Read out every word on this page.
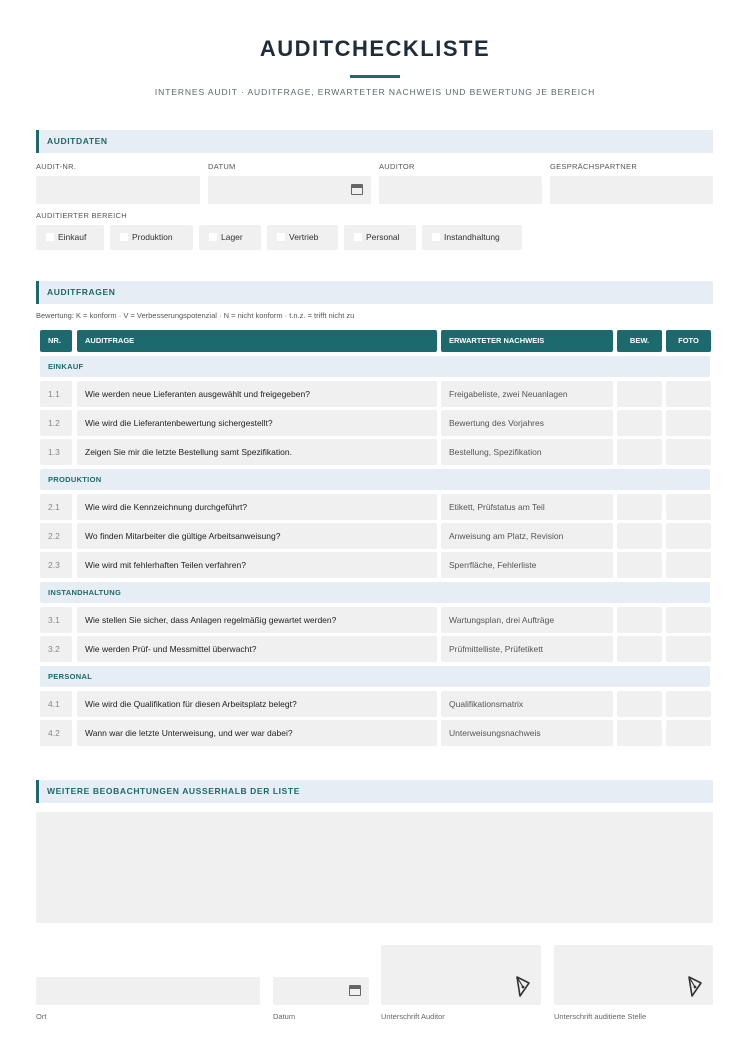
AUDITCHECKLISTE
INTERNES AUDIT · AUDITFRAGE, ERWARTETER NACHWEIS UND BEWERTUNG JE BEREICH
AUDITDATEN
AUDIT-NR.	DATUM	AUDITOR	GESPRÄCHSPARTNER
AUDITIERTER BEREICH
Einkauf	Produktion	Lager	Vertrieb	Personal	Instandhaltung
AUDITFRAGEN
Bewertung: K = konform · V = Verbesserungspotenzial · N = nicht konform · t.n.z. = trifft nicht zu
NR.	AUDITFRAGE	ERWARTETER NACHWEIS	BEW.	FOTO
EINKAUF
1.1	Wie werden neue Lieferanten ausgewählt und freigegeben?	Freigabeliste, zwei Neuanlagen
1.2	Wie wird die Lieferantenbewertung sichergestellt?	Bewertung des Vorjahres
1.3	Zeigen Sie mir die letzte Bestellung samt Spezifikation.	Bestellung, Spezifikation
PRODUKTION
2.1	Wie wird die Kennzeichnung durchgeführt?	Etikett, Prüfstatus am Teil
2.2	Wo finden Mitarbeiter die gültige Arbeitsanweisung?	Anweisung am Platz, Revision
2.3	Wie wird mit fehlerhaften Teilen verfahren?	Sperrfläche, Fehlerliste
INSTANDHALTUNG
3.1	Wie stellen Sie sicher, dass Anlagen regelmäßig gewartet werden?	Wartungsplan, drei Aufträge
3.2	Wie werden Prüf- und Messmittel überwacht?	Prüfmittelliste, Prüfetikett
PERSONAL
4.1	Wie wird die Qualifikation für diesen Arbeitsplatz belegt?	Qualifikationsmatrix
4.2	Wann war die letzte Unterweisung, und wer war dabei?	Unterweisungsnachweis
WEITERE BEOBACHTUNGEN AUSSERHALB DER LISTE
Ort	Datum	Unterschrift Auditor	Unterschrift auditierte Stelle
